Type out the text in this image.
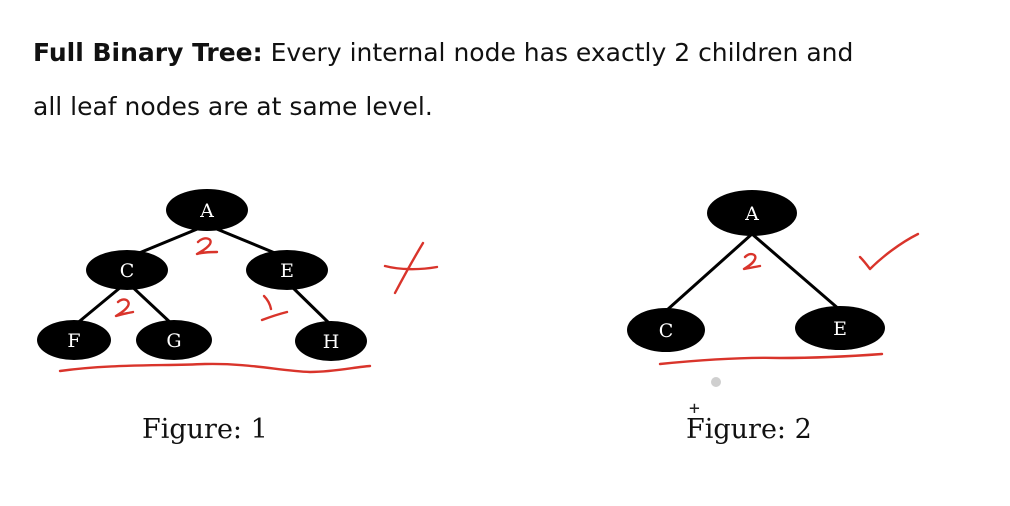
Full Binary Tree: Every internal node has exactly 2 children and
all leaf nodes are at same level.

A
C	E
F	G	H
Figure: 1
A
C	E
+
Figure: 2
